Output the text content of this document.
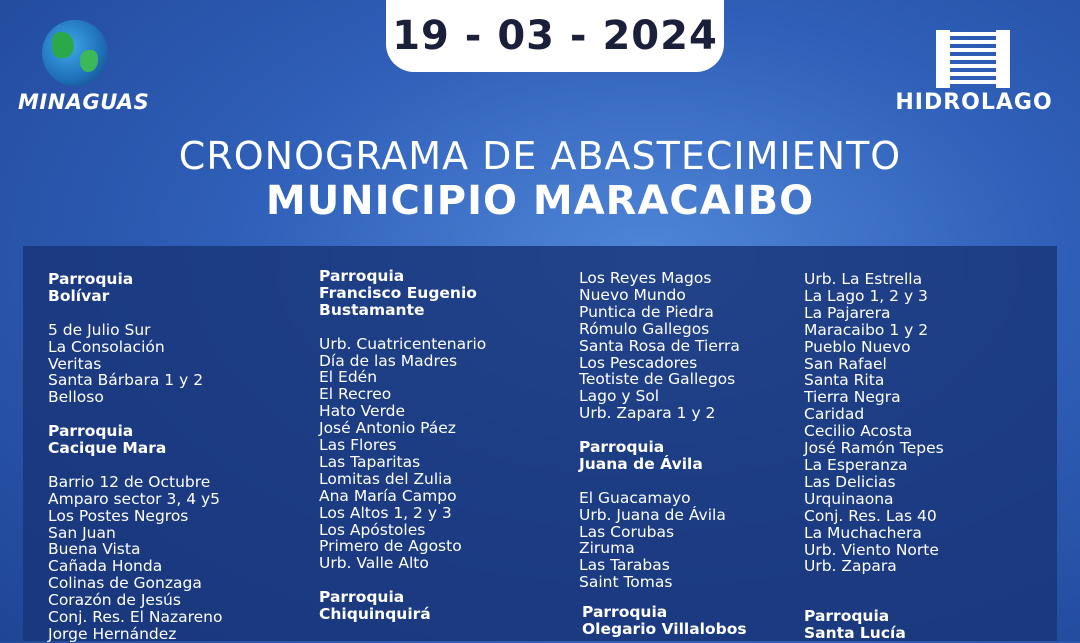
19 - 03 - 2024
MINAGUAS	HIDROLAGO
CRONOGRAMA DE ABASTECIMIENTO
MUNICIPIO MARACAIBO
Parroquia
Bolívar
5 de Julio Sur
La Consolación
Veritas
Santa Bárbara 1 y 2
Belloso
Parroquia
Cacique Mara
Barrio 12 de Octubre
Amparo sector 3, 4 y5
Los Postes Negros
San Juan
Buena Vista
Cañada Honda
Colinas de Gonzaga
Corazón de Jesús
Conj. Res. El Nazareno
Jorge Hernández
Parroquia
Francisco Eugenio
Bustamante
Urb. Cuatricentenario
Día de las Madres
El Edén
El Recreo
Hato Verde
José Antonio Páez
Las Flores
Las Taparitas
Lomitas del Zulia
Ana María Campo
Los Altos 1, 2 y 3
Los Apóstoles
Primero de Agosto
Urb. Valle Alto
Parroquia
Chiquinquirá
Los Reyes Magos
Nuevo Mundo
Puntica de Piedra
Rómulo Gallegos
Santa Rosa de Tierra
Los Pescadores
Teotiste de Gallegos
Lago y Sol
Urb. Zapara 1 y 2
Parroquia
Juana de Ávila
El Guacamayo
Urb. Juana de Ávila
Las Corubas
Ziruma
Las Tarabas
Saint Tomas
Urb. La Estrella
La Lago 1, 2 y 3
La Pajarera
Maracaibo 1 y 2
Pueblo Nuevo
San Rafael
Santa Rita
Tierra Negra
Caridad
Cecilio Acosta
José Ramón Tepes
La Esperanza
Las Delicias
Urquinaona
Conj. Res. Las 40
La Muchachera
Urb. Viento Norte
Urb. Zapara
Parroquia
Olegario Villalobos
Parroquia
Santa Lucía
